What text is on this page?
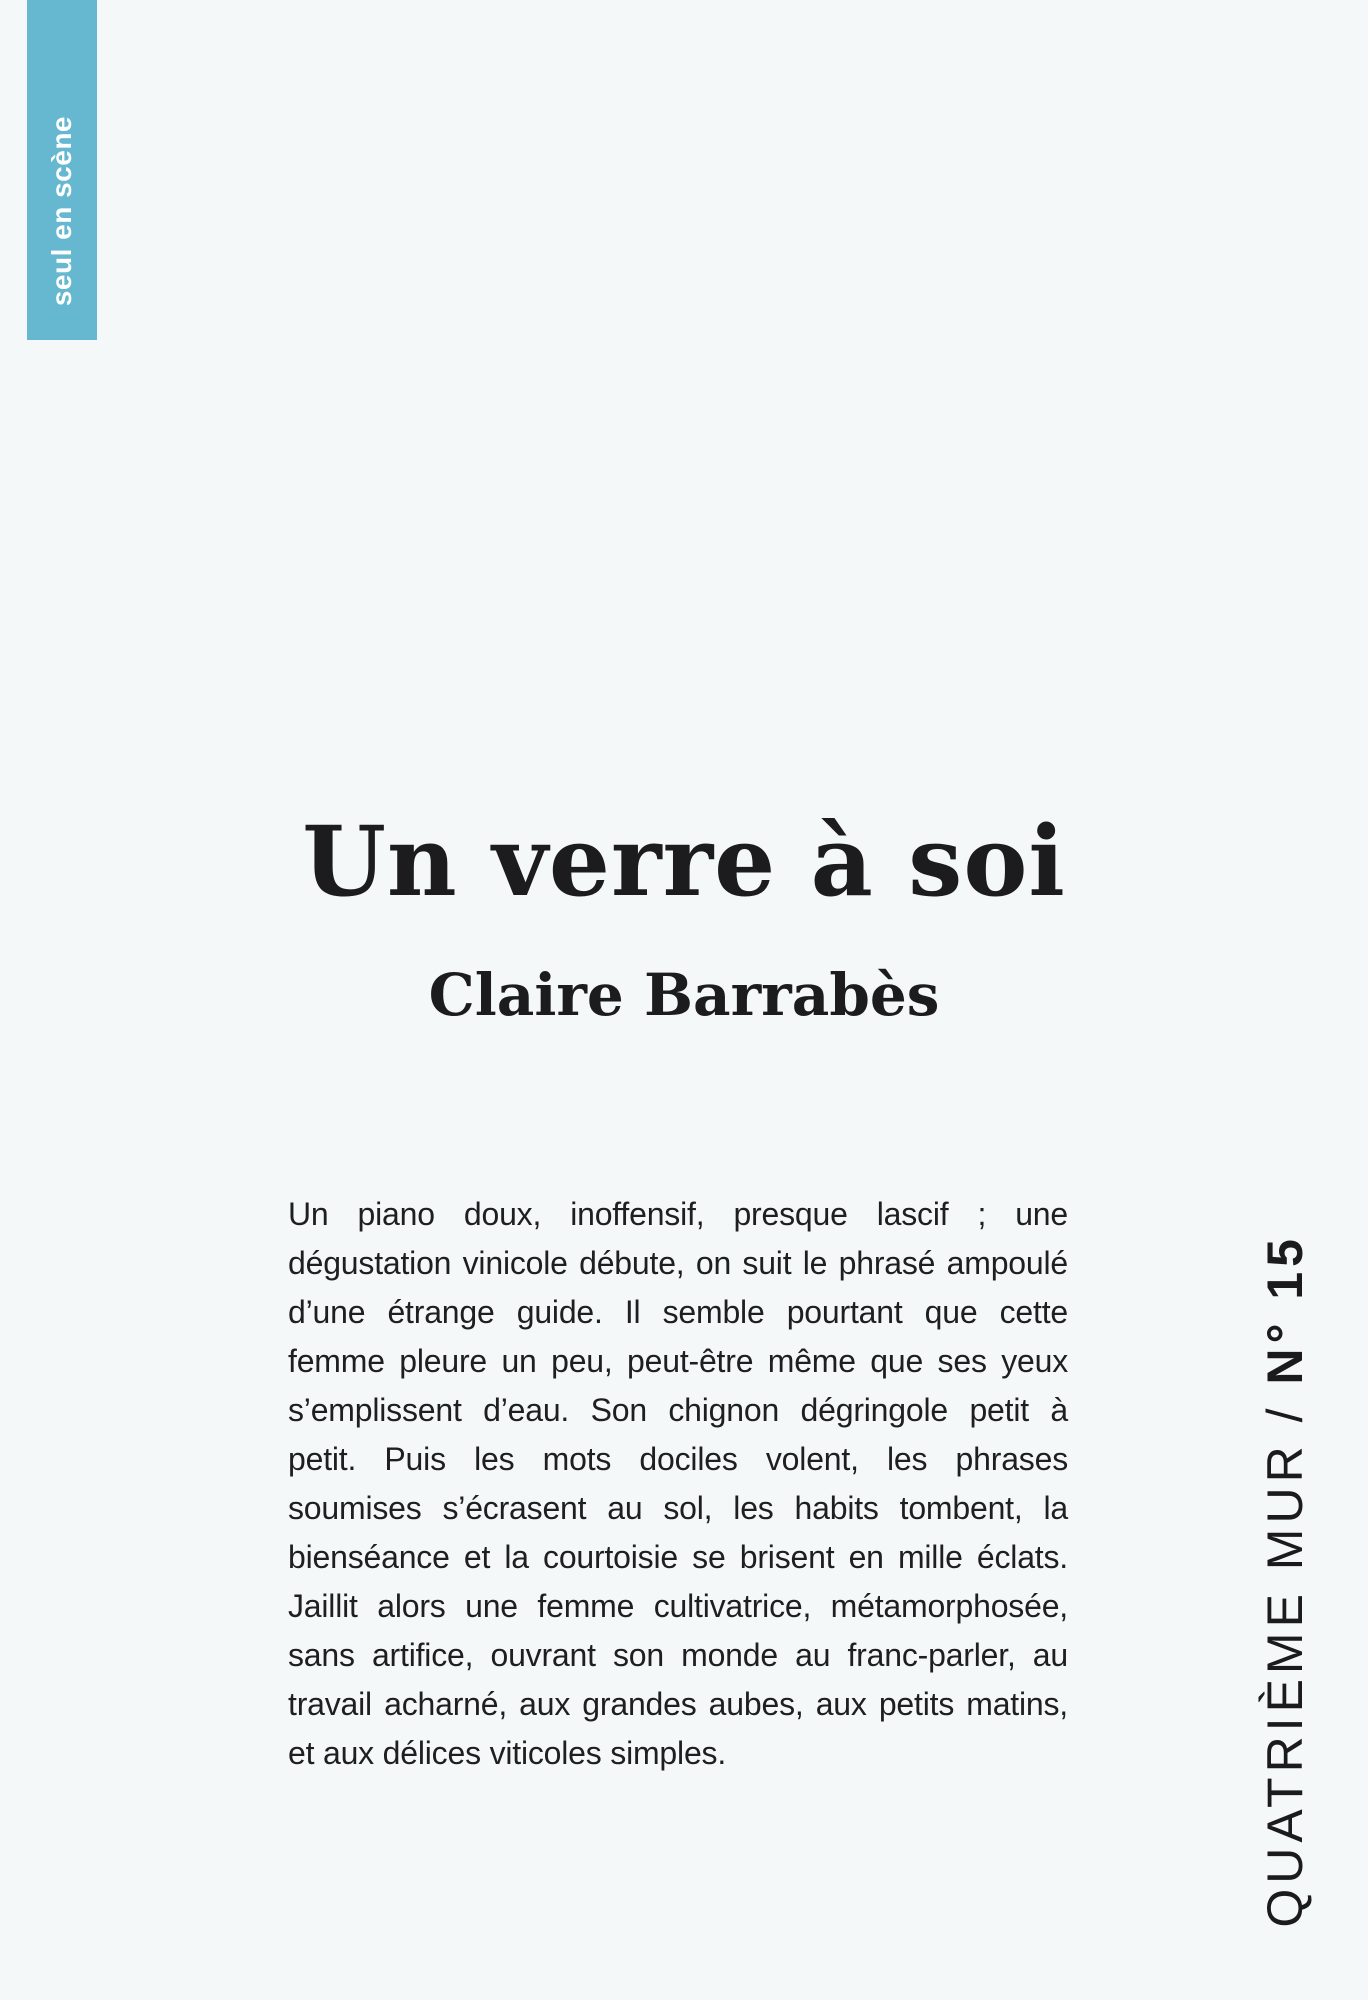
seul en scène
Un verre à soi
Claire Barrabès

Un piano doux, inoffensif, presque lascif ; une dégustation vinicole débute, on suit le phrasé ampoulé d’une étrange guide. Il semble pourtant que cette femme pleure un peu, peut-être même que ses yeux s’emplissent d’eau. Son chignon dégringole petit à petit. Puis les mots dociles volent, les phrases soumises s’écrasent au sol, les habits tombent, la bienséance et la courtoisie se brisent en mille éclats. Jaillit alors une femme cultivatrice, métamorphosée, sans artifice, ouvrant son monde au franc-parler, au travail acharné, aux grandes aubes, aux petits matins, et aux délices viticoles simples.	QUATRIÈME MUR / N° 15
